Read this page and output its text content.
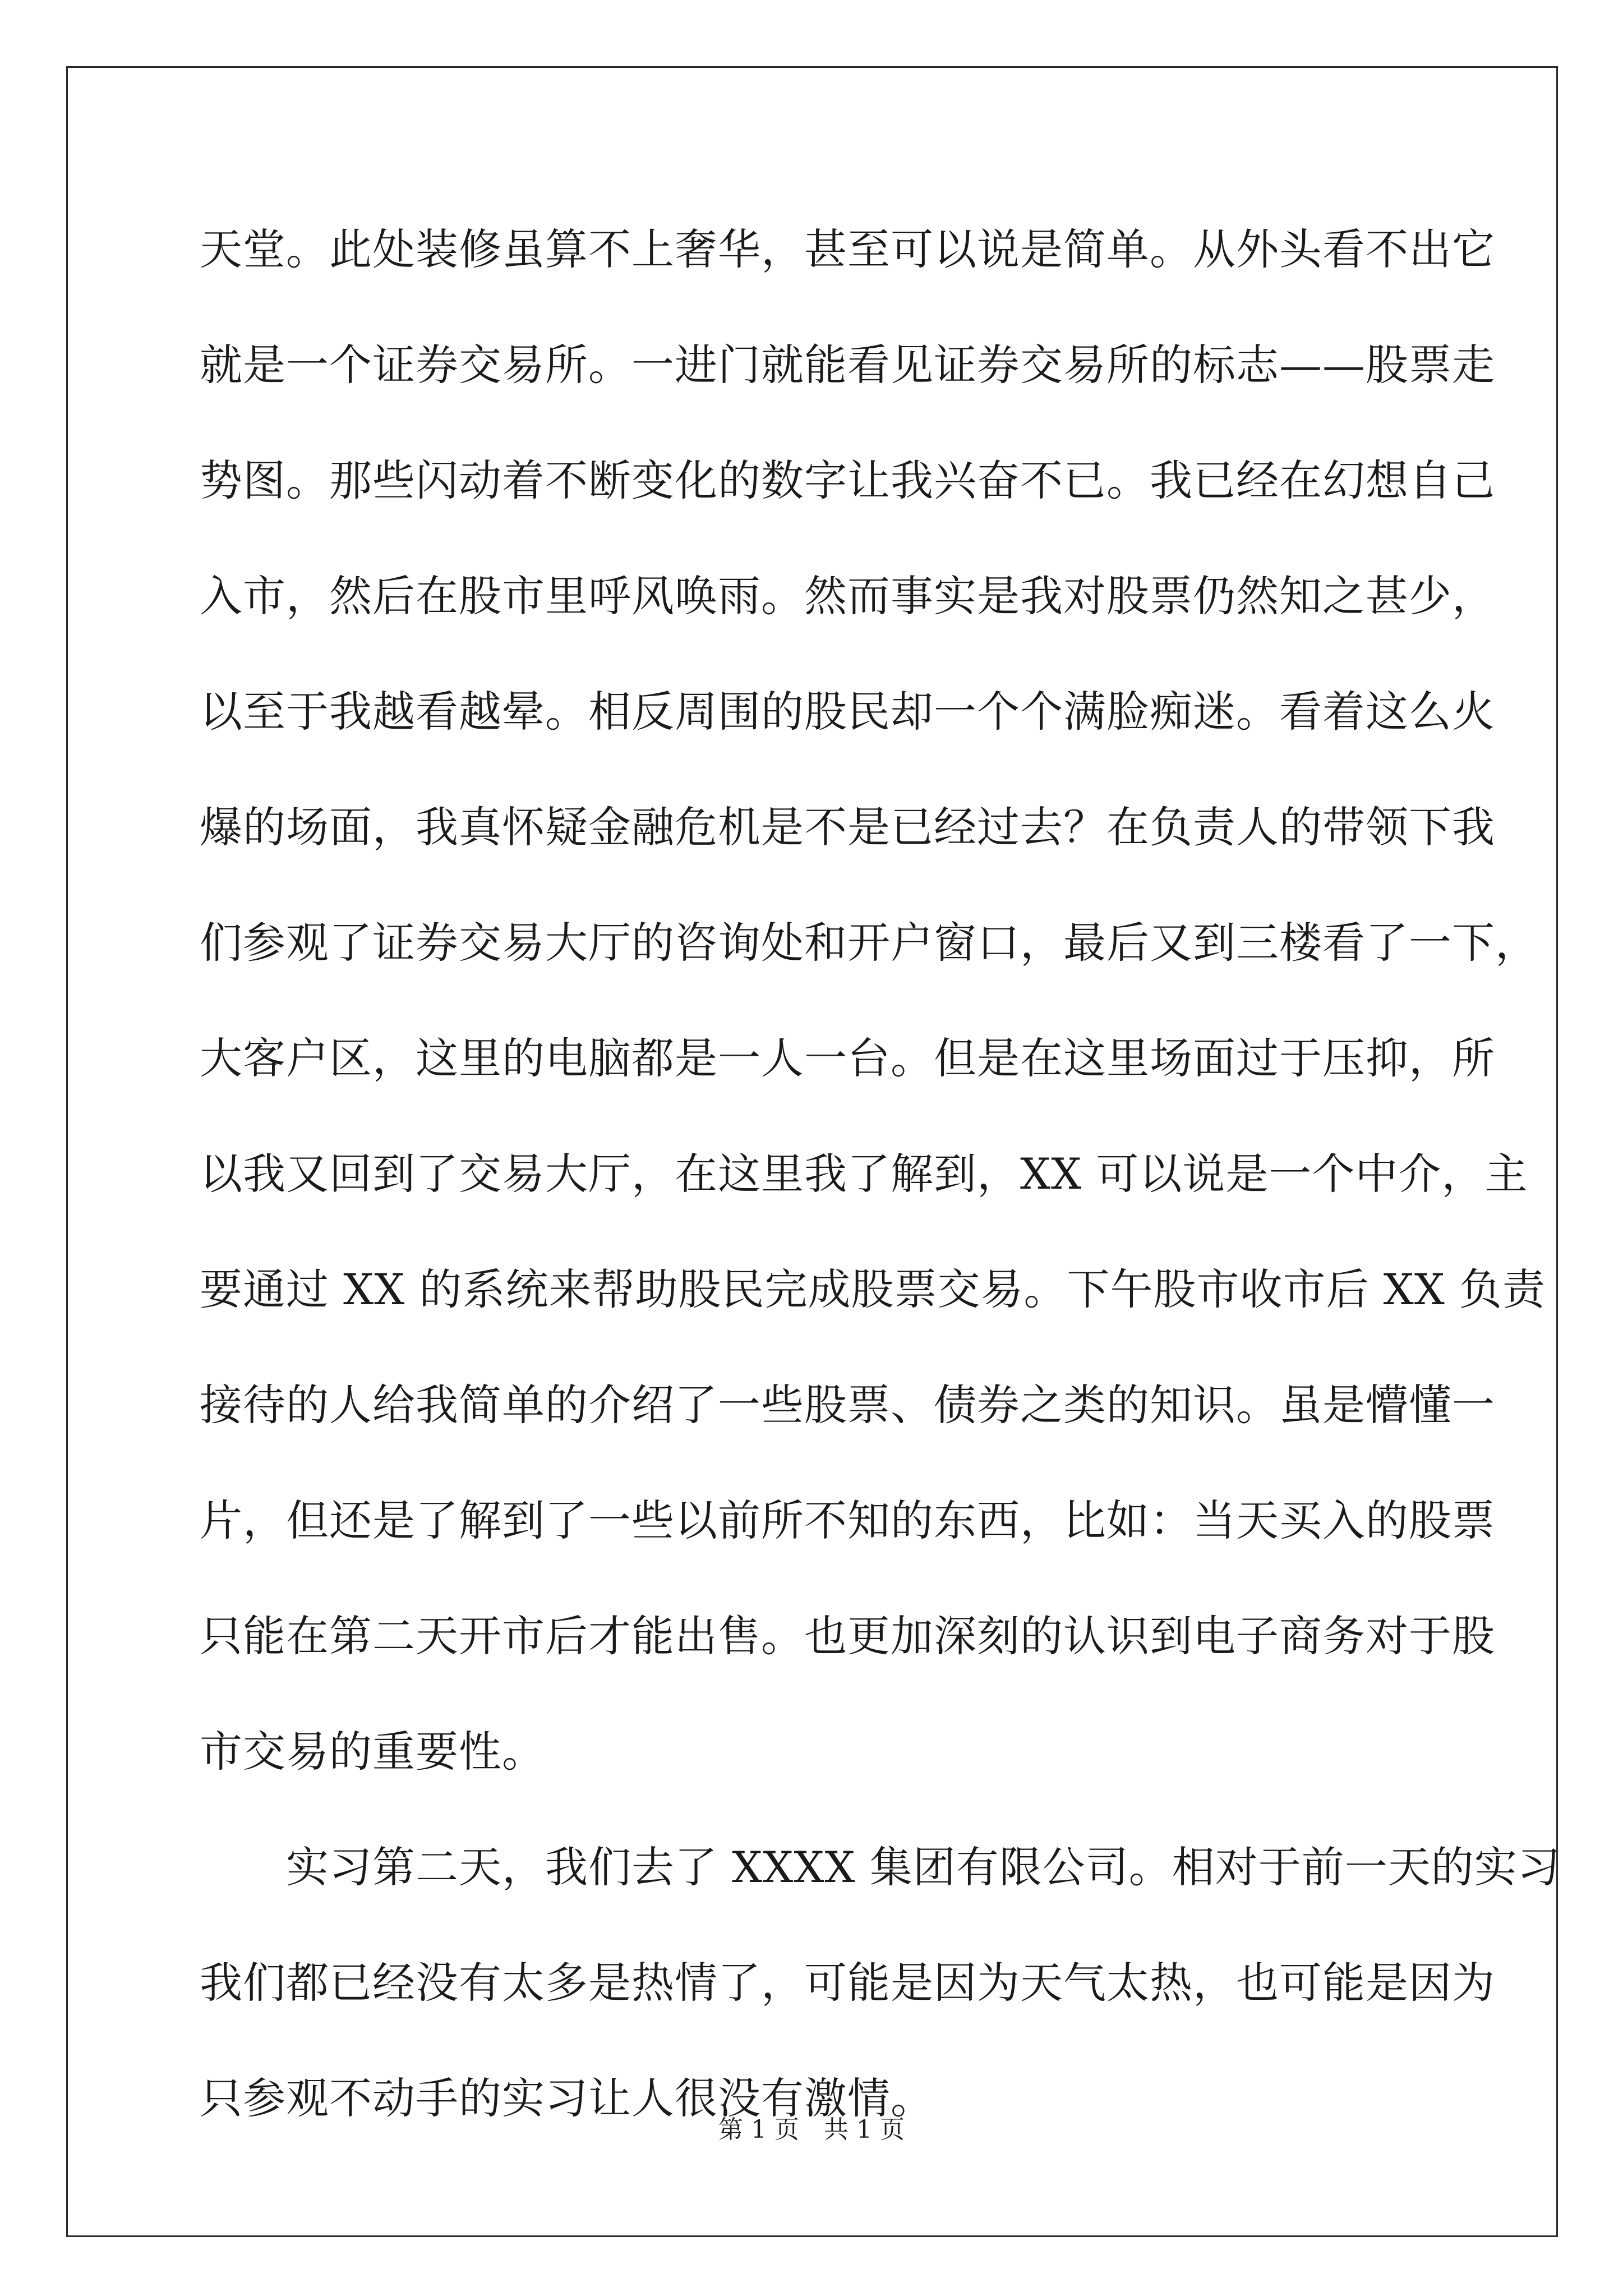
天堂。此处装修虽算不上奢华，甚至可以说是简单。从外头看不出它
就是一个证券交易所。一进门就能看见证券交易所的标志——股票走
势图。那些闪动着不断变化的数字让我兴奋不已。我已经在幻想自己
入市，然后在股市里呼风唤雨。然而事实是我对股票仍然知之甚少，
以至于我越看越晕。相反周围的股民却一个个满脸痴迷。看着这么火
爆的场面，我真怀疑金融危机是不是已经过去？在负责人的带领下我
们参观了证券交易大厅的咨询处和开户窗口，最后又到三楼看了一下，
大客户区，这里的电脑都是一人一台。但是在这里场面过于压抑，所
以我又回到了交易大厅，在这里我了解到，XX 可以说是一个中介，主
要通过 XX 的系统来帮助股民完成股票交易。下午股市收市后 XX 负责
接待的人给我简单的介绍了一些股票、债券之类的知识。虽是懵懂一
片，但还是了解到了一些以前所不知的东西，比如：当天买入的股票
只能在第二天开市后才能出售。也更加深刻的认识到电子商务对于股
市交易的重要性。
　　实习第二天，我们去了 XXXX 集团有限公司。相对于前一天的实习
我们都已经没有太多是热情了，可能是因为天气太热，也可能是因为
只参观不动手的实习让人很没有激情。
第 1 页　共 1 页
